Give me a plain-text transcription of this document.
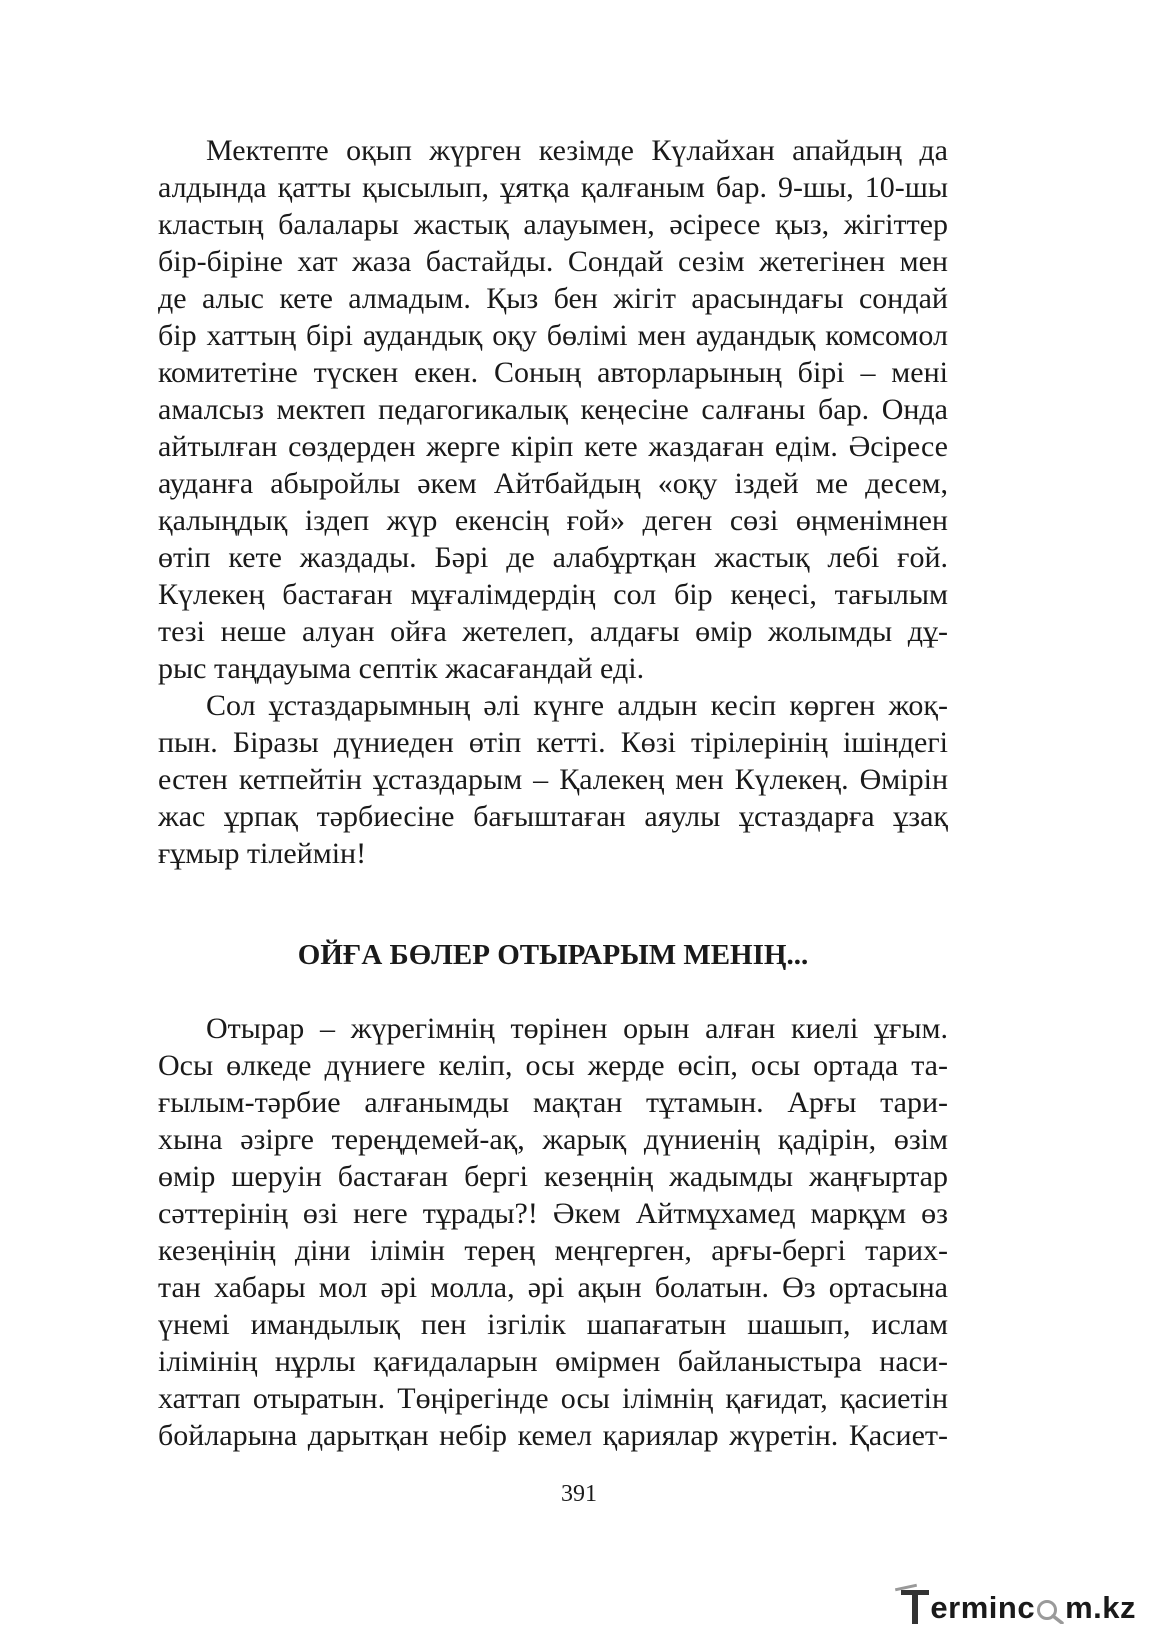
Мектепте оқып жүрген кезімде Күлайхан апайдың да
алдында қатты қысылып, ұятқа қалғаным бар. 9-шы, 10-шы
кластың балалары жастық алауымен, әсіресе қыз, жігіттер
бір-біріне хат жаза бастайды. Сондай сезім жетегінен мен
де алыс кете алмадым. Қыз бен жігіт арасындағы сондай
бір хаттың бірі аудандық оқу бөлімі мен аудандық комсомол
комитетіне түскен екен. Соның авторларының бірі – мені
амалсыз мектеп педагогикалық кеңесіне салғаны бар. Онда
айтылған сөздерден жерге кіріп кете жаздаған едім. Әсіресе
ауданға абыройлы әкем Айтбайдың «оқу іздей ме десем,
қалыңдық іздеп жүр екенсің ғой» деген сөзі өңменімнен
өтіп кете жаздады. Бәрі де алабұртқан жастық лебі ғой.
Күлекең бастаған мұғалімдердің сол бір кеңесі, тағылым
тезі неше алуан ойға жетелеп, алдағы өмір жолымды дұ-
рыс таңдауыма септік жасағандай еді.
Сол ұстаздарымның әлі күнге алдын кесіп көрген жоқ-
пын. Біразы дүниеден өтіп кетті. Көзі тірілерінің ішіндегі
естен кетпейтін ұстаздарым – Қалекең мен Күлекең. Өмірін
жас ұрпақ тәрбиесіне бағыштаған аяулы ұстаздарға ұзақ
ғұмыр тілеймін!
ОЙҒА БӨЛЕР ОТЫРАРЫМ МЕНІҢ...
Отырар – жүрегімнің төрінен орын алған киелі ұғым.
Осы өлкеде дүниеге келіп, осы жерде өсіп, осы ортада та-
ғылым-тәрбие алғанымды мақтан тұтамын. Арғы тари-
хына әзірге тереңдемей-ақ, жарық дүниенің қадірін, өзім
өмір шеруін бастаған бергі кезеңнің жадымды жаңғыртар
сәттерінің өзі неге тұрады?! Әкем Айтмұхамед марқұм өз
кезеңінің діни ілімін терең меңгерген, арғы-бергі тарих-
тан хабары мол әрі молла, әрі ақын болатын. Өз ортасына
үнемі имандылық пен ізгілік шапағатын шашып, ислам
ілімінің нұрлы қағидаларын өмірмен байланыстыра наси-
хаттап отыратын. Төңірегінде осы ілімнің қағидат, қасиетін
бойларына дарытқан небір кемел қариялар жүретін. Қасиет-
391
erminc m.kz
